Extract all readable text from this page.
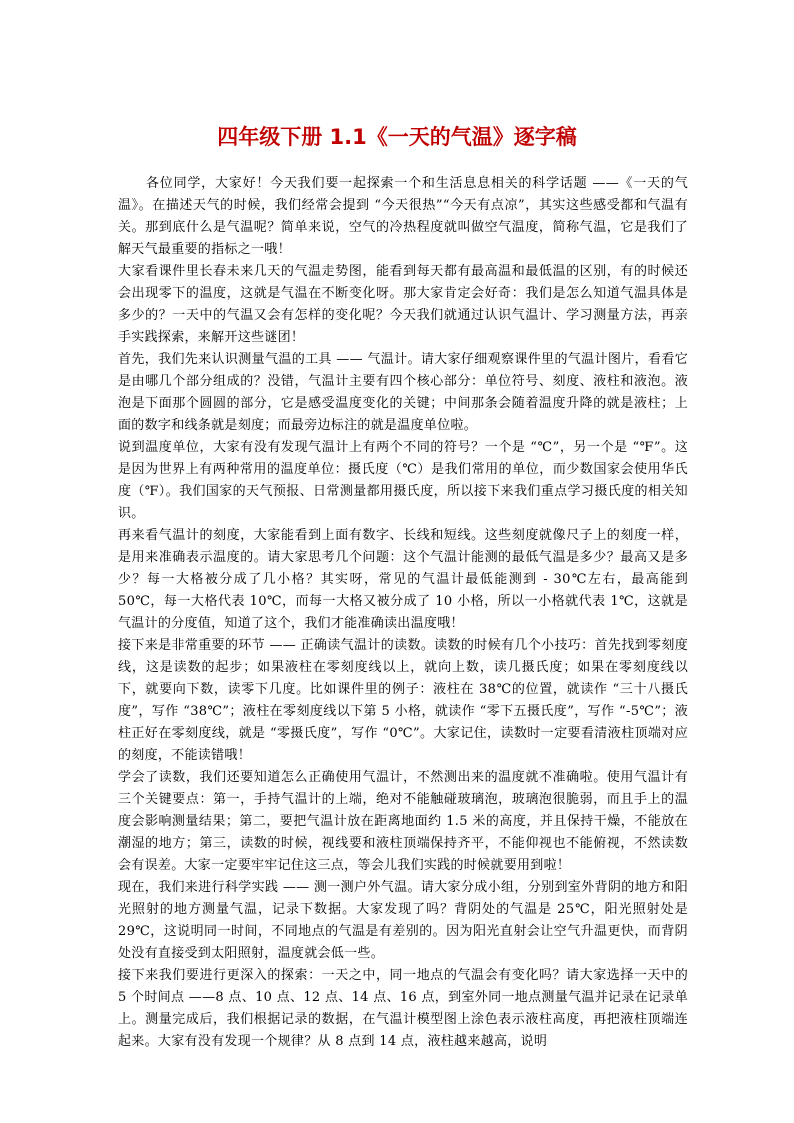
四年级下册 1.1《一天的气温》逐字稿

各位同学，大家好！今天我们要一起探索一个和生活息息相关的科学话题 ——《一天的气温》。在描述天气的时候，我们经常会提到 “今天很热”“今天有点凉”，其实这些感受都和气温有关。那到底什么是气温呢？简单来说，空气的冷热程度就叫做空气温度，简称气温，它是我们了解天气最重要的指标之一哦！

大家看课件里长春未来几天的气温走势图，能看到每天都有最高温和最低温的区别，有的时候还会出现零下的温度，这就是气温在不断变化呀。那大家肯定会好奇：我们是怎么知道气温具体是多少的？一天中的气温又会有怎样的变化呢？今天我们就通过认识气温计、学习测量方法，再亲手实践探索，来解开这些谜团！

首先，我们先来认识测量气温的工具 —— 气温计。请大家仔细观察课件里的气温计图片，看看它是由哪几个部分组成的？没错，气温计主要有四个核心部分：单位符号、刻度、液柱和液泡。液泡是下面那个圆圆的部分，它是感受温度变化的关键；中间那条会随着温度升降的就是液柱；上面的数字和线条就是刻度；而最旁边标注的就是温度单位啦。

说到温度单位，大家有没有发现气温计上有两个不同的符号？一个是 “℃”，另一个是 “℉”。这是因为世界上有两种常用的温度单位：摄氏度（℃）是我们常用的单位，而少数国家会使用华氏度（℉）。我们国家的天气预报、日常测量都用摄氏度，所以接下来我们重点学习摄氏度的相关知识。

再来看气温计的刻度，大家能看到上面有数字、长线和短线。这些刻度就像尺子上的刻度一样，是用来准确表示温度的。请大家思考几个问题：这个气温计能测的最低气温是多少？最高又是多少？每一大格被分成了几小格？其实呀，常见的气温计最低能测到 - 30℃左右，最高能到 50℃，每一大格代表 10℃，而每一大格又被分成了 10 小格，所以一小格就代表 1℃，这就是气温计的分度值，知道了这个，我们才能准确读出温度哦！

接下来是非常重要的环节 —— 正确读气温计的读数。读数的时候有几个小技巧：首先找到零刻度线，这是读数的起步；如果液柱在零刻度线以上，就向上数，读几摄氏度；如果在零刻度线以下，就要向下数，读零下几度。比如课件里的例子：液柱在 38℃的位置，就读作 “三十八摄氏度”，写作 “38℃”；液柱在零刻度线以下第 5 小格，就读作 “零下五摄氏度”，写作 “-5℃”；液柱正好在零刻度线，就是 “零摄氏度”，写作 “0℃”。大家记住，读数时一定要看清液柱顶端对应的刻度，不能读错哦！

学会了读数，我们还要知道怎么正确使用气温计，不然测出来的温度就不准确啦。使用气温计有三个关键要点：第一，手持气温计的上端，绝对不能触碰玻璃泡，玻璃泡很脆弱，而且手上的温度会影响测量结果；第二，要把气温计放在距离地面约 1.5 米的高度，并且保持干燥，不能放在潮湿的地方；第三，读数的时候，视线要和液柱顶端保持齐平，不能仰视也不能俯视，不然读数会有误差。大家一定要牢牢记住这三点，等会儿我们实践的时候就要用到啦！

现在，我们来进行科学实践 —— 测一测户外气温。请大家分成小组，分别到室外背阴的地方和阳光照射的地方测量气温，记录下数据。大家发现了吗？背阴处的气温是 25℃，阳光照射处是 29℃，这说明同一时间，不同地点的气温是有差别的。因为阳光直射会让空气升温更快，而背阴处没有直接受到太阳照射，温度就会低一些。

接下来我们要进行更深入的探索：一天之中，同一地点的气温会有变化吗？请大家选择一天中的 5 个时间点 ——8 点、10 点、12 点、14 点、16 点，到室外同一地点测量气温并记录在记录单上。测量完成后，我们根据记录的数据，在气温计模型图上涂色表示液柱高度，再把液柱顶端连起来。大家有没有发现一个规律？从 8 点到 14 点，液柱越来越高，说明
